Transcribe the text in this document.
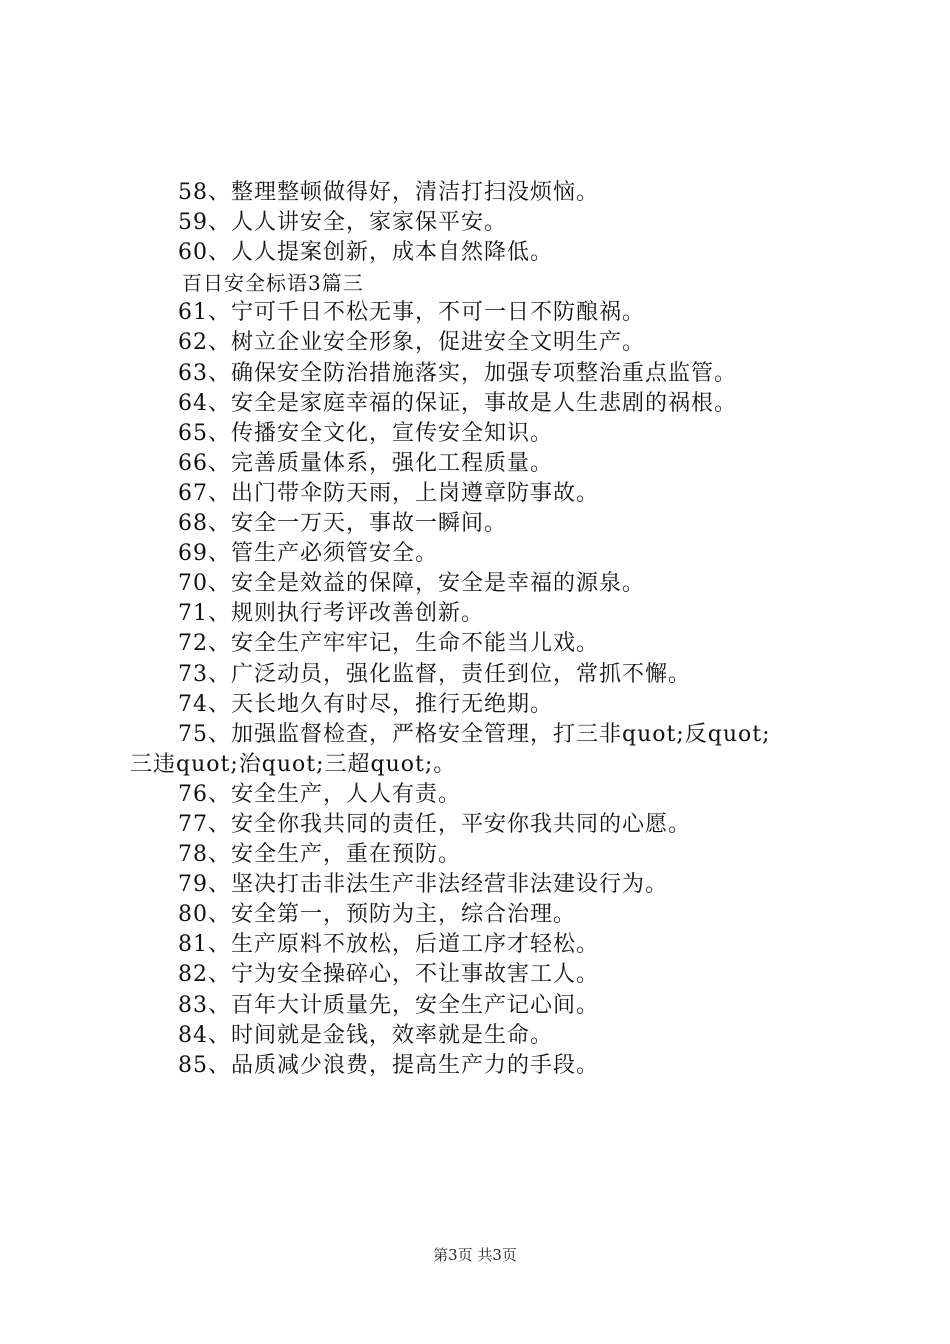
58、整理整顿做得好，清洁打扫没烦恼。
59、人人讲安全，家家保平安。
60、人人提案创新，成本自然降低。
百日安全标语3篇三
61、宁可千日不松无事，不可一日不防酿祸。
62、树立企业安全形象，促进安全文明生产。
63、确保安全防治措施落实，加强专项整治重点监管。
64、安全是家庭幸福的保证，事故是人生悲剧的祸根。
65、传播安全文化，宣传安全知识。
66、完善质量体系，强化工程质量。
67、出门带伞防天雨，上岗遵章防事故。
68、安全一万天，事故一瞬间。
69、管生产必须管安全。
70、安全是效益的保障，安全是幸福的源泉。
71、规则执行考评改善创新。
72、安全生产牢牢记，生命不能当儿戏。
73、广泛动员，强化监督，责任到位，常抓不懈。
74、天长地久有时尽，推行无绝期。
75、加强监督检查，严格安全管理，打三非quot;反quot;
三违quot;治quot;三超quot;。
76、安全生产，人人有责。
77、安全你我共同的责任，平安你我共同的心愿。
78、安全生产，重在预防。
79、坚决打击非法生产非法经营非法建设行为。
80、安全第一，预防为主，综合治理。
81、生产原料不放松，后道工序才轻松。
82、宁为安全操碎心，不让事故害工人。
83、百年大计质量先，安全生产记心间。
84、时间就是金钱，效率就是生命。
85、品质减少浪费，提高生产力的手段。
第3页 共3页
